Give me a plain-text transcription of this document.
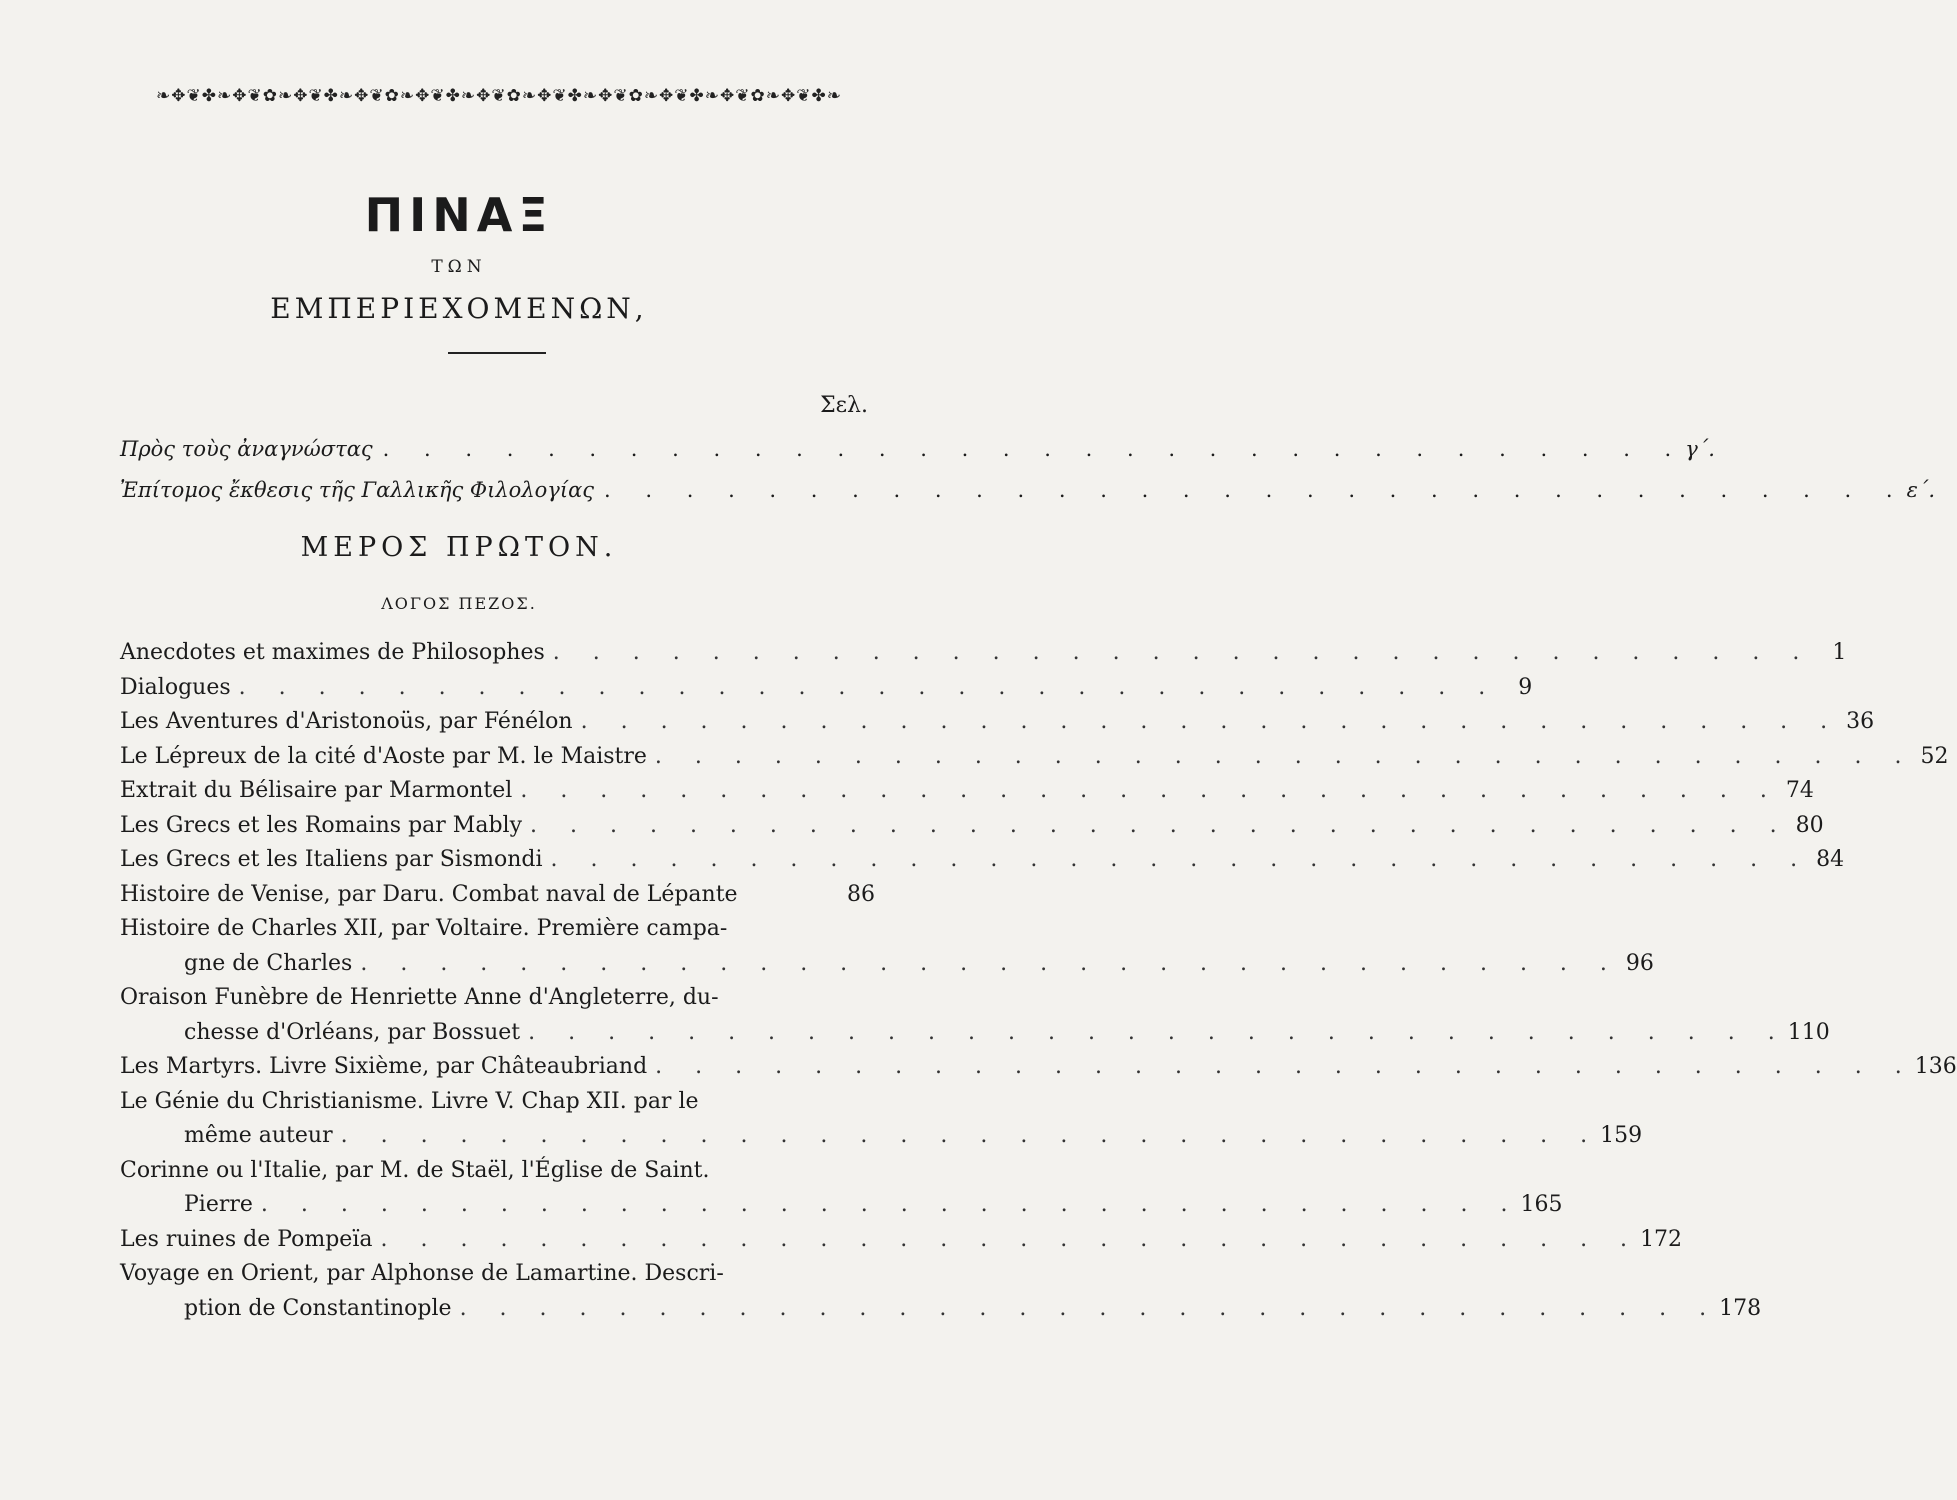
❧✥❦✤❧✥❦✿❧✥❦✤❧✥❦✿❧✥❦✤❧✥❦✿❧✥❦✤❧✥❦✿❧✥❦✤❧✥❦✿❧✥❦✤❧
ΠΙΝΑΞ
ΤΩΝ
ΕΜΠΕΡΙΕΧΟΜΕΝΩΝ,
Σελ.
Πρὸς τοὺς ἀναγνώστας . . . . . . . . . . . . . . . . . . . . . . . . . . . . . . . . γ΄.
Ἐπίτομος ἔκθεσις τῆς Γαλλικῆς Φιλολογίας . . . . . . . . . . . . . . . . . . . . . . . . . . . . . . . . ε΄.
ΜΕΡΟΣ ΠΡΩΤΟΝ.
ΛΟΓΟΣ ΠΕΖΟΣ.
Anecdotes et maximes de Philosophes . . . . . . . . . . . . . . . . . . . . . . . . . . . . . . . . 1
Dialogues . . . . . . . . . . . . . . . . . . . . . . . . . . . . . . . . 9
Les Aventures d'Aristonoüs, par Fénélon . . . . . . . . . . . . . . . . . . . . . . . . . . . . . . . . 36
Le Lépreux de la cité d'Aoste par M. le Maistre . . . . . . . . . . . . . . . . . . . . . . . . . . . . . . . . 52
Extrait du Bélisaire par Marmontel . . . . . . . . . . . . . . . . . . . . . . . . . . . . . . . . 74
Les Grecs et les Romains par Mably . . . . . . . . . . . . . . . . . . . . . . . . . . . . . . . . 80
Les Grecs et les Italiens par Sismondi . . . . . . . . . . . . . . . . . . . . . . . . . . . . . . . . 84
Histoire de Venise, par Daru. Combat naval de Lépante	86
Histoire de Charles XII, par Voltaire. Première campa-
gne de Charles . . . . . . . . . . . . . . . . . . . . . . . . . . . . . . . . 96
Oraison Funèbre de Henriette Anne d'Angleterre, du-
chesse d'Orléans, par Bossuet . . . . . . . . . . . . . . . . . . . . . . . . . . . . . . . . 110
Les Martyrs. Livre Sixième, par Châteaubriand . . . . . . . . . . . . . . . . . . . . . . . . . . . . . . . . 136
Le Génie du Christianisme. Livre V. Chap XII. par le
même auteur . . . . . . . . . . . . . . . . . . . . . . . . . . . . . . . . 159
Corinne ou l'Italie, par M. de Staël, l'Église de Saint.
Pierre . . . . . . . . . . . . . . . . . . . . . . . . . . . . . . . . 165
Les ruines de Pompeïa . . . . . . . . . . . . . . . . . . . . . . . . . . . . . . . . 172
Voyage en Orient, par Alphonse de Lamartine. Descri-
ption de Constantinople . . . . . . . . . . . . . . . . . . . . . . . . . . . . . . . . 178
